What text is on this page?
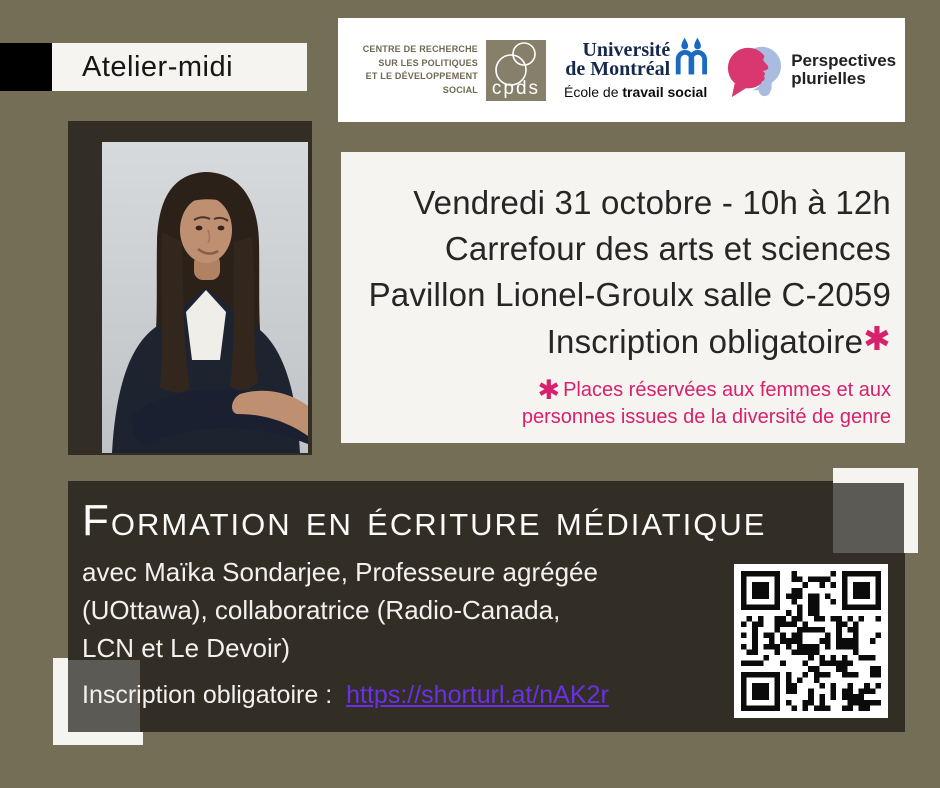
Atelier-midi
CENTRE DE RECHERCHE
SUR LES POLITIQUES
ET LE DÉVELOPPEMENT SOCIAL cpds
Université
de Montréal
École de travail social
Perspectives
plurielles
Vendredi 31 octobre - 10h à 12h
Carrefour des arts et sciences
Pavillon Lionel-Groulx salle C-2059
Inscription obligatoire✱
✱ Places réservées aux femmes et aux
personnes issues de la diversité de genre
Formation en écriture médiatique
avec Maïka Sondarjee, Professeure agrégée
(UOttawa), collaboratrice (Radio-Canada,
LCN et Le Devoir)
Inscription obligatoire : https://shorturl.at/nAK2r
